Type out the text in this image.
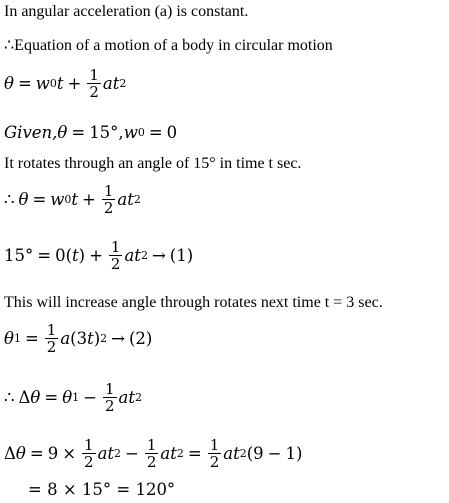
In angular acceleration (a) is constant.
∴Equation of a motion of a body in circular motion
θ = w 0 $t + \frac{1}{2}$ at 2
Given, θ = 15°, w 0 = 0
It rotates through an angle of 15° in time t sec.
∴ θ = w 0 $t + \frac{1}{2}$ at 2
15° = 0( t ) + $\frac{1}{2}$ at 2 → (1)
This will increase angle through rotates next time t = 3 sec.
θ $1 = \frac{1}{2}$ a (3 t ) 2 → (2)
∴ Δ θ = θ $1 - \frac{1}{2}$ at 2
Δ $\theta = 9 \times \frac{1}{2}$ at $2 - \frac{1}{2}$ at $2 = \frac{1}{2}$ at 2 (9 − 1)
= 8 × 15° = 120°
